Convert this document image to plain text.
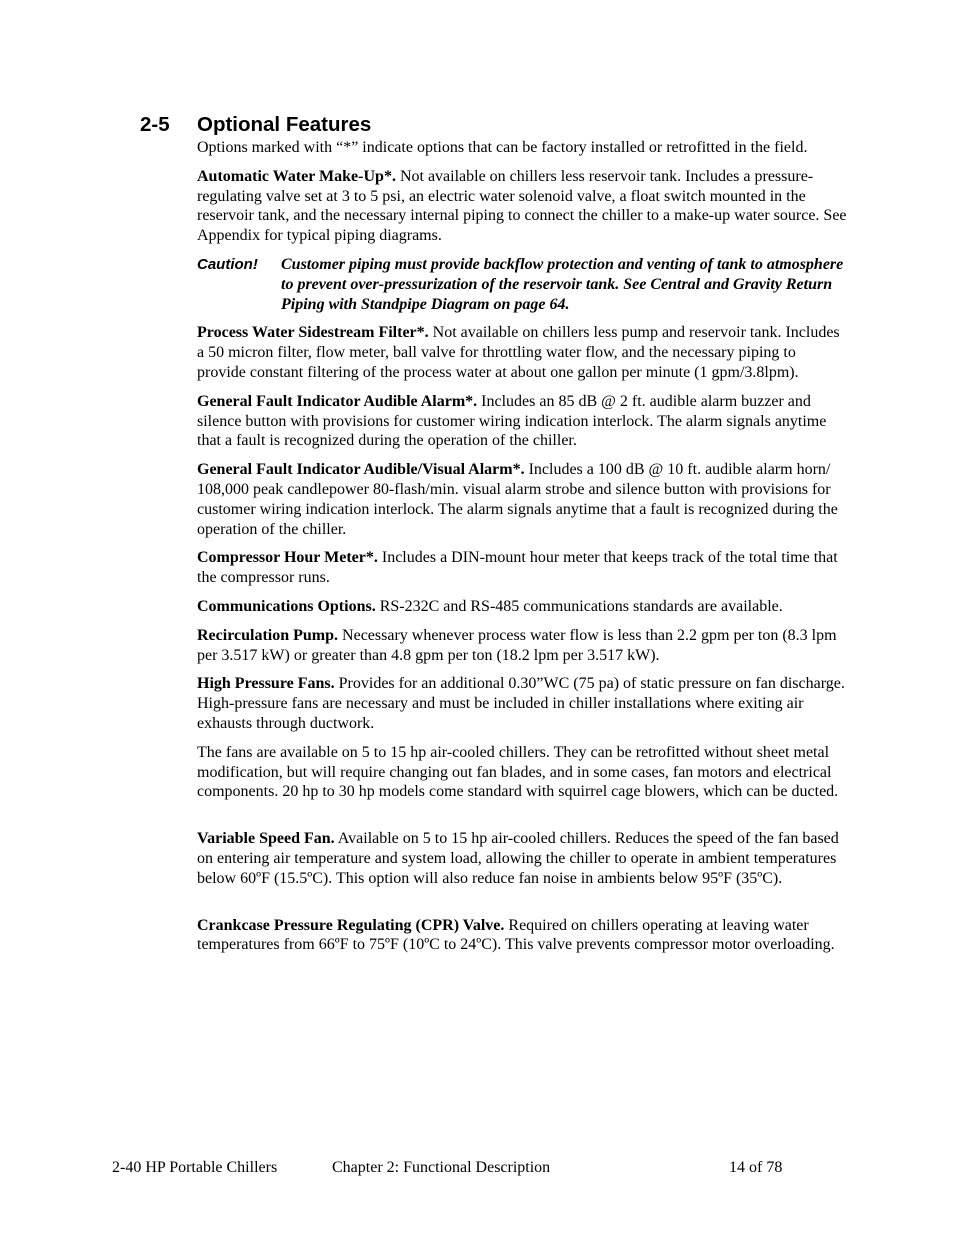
2-5 Optional Features

Options marked with “*” indicate options that can be factory installed or retrofitted in the field.

Automatic Water Make-Up*. Not available on chillers less reservoir tank. Includes a pressure-regulating valve set at 3 to 5 psi, an electric water solenoid valve, a float switch mounted in the reservoir tank, and the necessary internal piping to connect the chiller to a make-up water source. See Appendix for typical piping diagrams.

Caution!	Customer piping must provide backflow protection and venting of tank to atmosphere to prevent over-pressurization of the reservoir tank. See Central and Gravity Return Piping with Standpipe Diagram on page 64.

Process Water Sidestream Filter*. Not available on chillers less pump and reservoir tank. Includes a 50 micron filter, flow meter, ball valve for throttling water flow, and the necessary piping to provide constant filtering of the process water at about one gallon per minute (1 gpm/3.8lpm).

General Fault Indicator Audible Alarm*. Includes an 85 dB @ 2 ft. audible alarm buzzer and silence button with provisions for customer wiring indication interlock. The alarm signals anytime that a fault is recognized during the operation of the chiller.

General Fault Indicator Audible/Visual Alarm*. Includes a 100 dB @ 10 ft. audible alarm horn/ 108,000 peak candlepower 80-flash/min. visual alarm strobe and silence button with provisions for customer wiring indication interlock. The alarm signals anytime that a fault is recognized during the operation of the chiller.

Compressor Hour Meter*. Includes a DIN-mount hour meter that keeps track of the total time that the compressor runs.

Communications Options. RS-232C and RS-485 communications standards are available.

Recirculation Pump. Necessary whenever process water flow is less than 2.2 gpm per ton (8.3 lpm per 3.517 kW) or greater than 4.8 gpm per ton (18.2 lpm per 3.517 kW).

High Pressure Fans. Provides for an additional 0.30”WC (75 pa) of static pressure on fan discharge. High-pressure fans are necessary and must be included in chiller installations where exiting air exhausts through ductwork.

The fans are available on 5 to 15 hp air-cooled chillers. They can be retrofitted without sheet metal modification, but will require changing out fan blades, and in some cases, fan motors and electrical components. 20 hp to 30 hp models come standard with squirrel cage blowers, which can be ducted.

Variable Speed Fan. Available on 5 to 15 hp air-cooled chillers. Reduces the speed of the fan based on entering air temperature and system load, allowing the chiller to operate in ambient temperatures below 60ºF (15.5ºC). This option will also reduce fan noise in ambients below 95ºF (35ºC).

Crankcase Pressure Regulating (CPR) Valve. Required on chillers operating at leaving water temperatures from 66ºF to 75ºF (10ºC to 24ºC). This valve prevents compressor motor overloading.

2-40 HP Portable Chillers	Chapter 2: Functional Description	14 of 78
